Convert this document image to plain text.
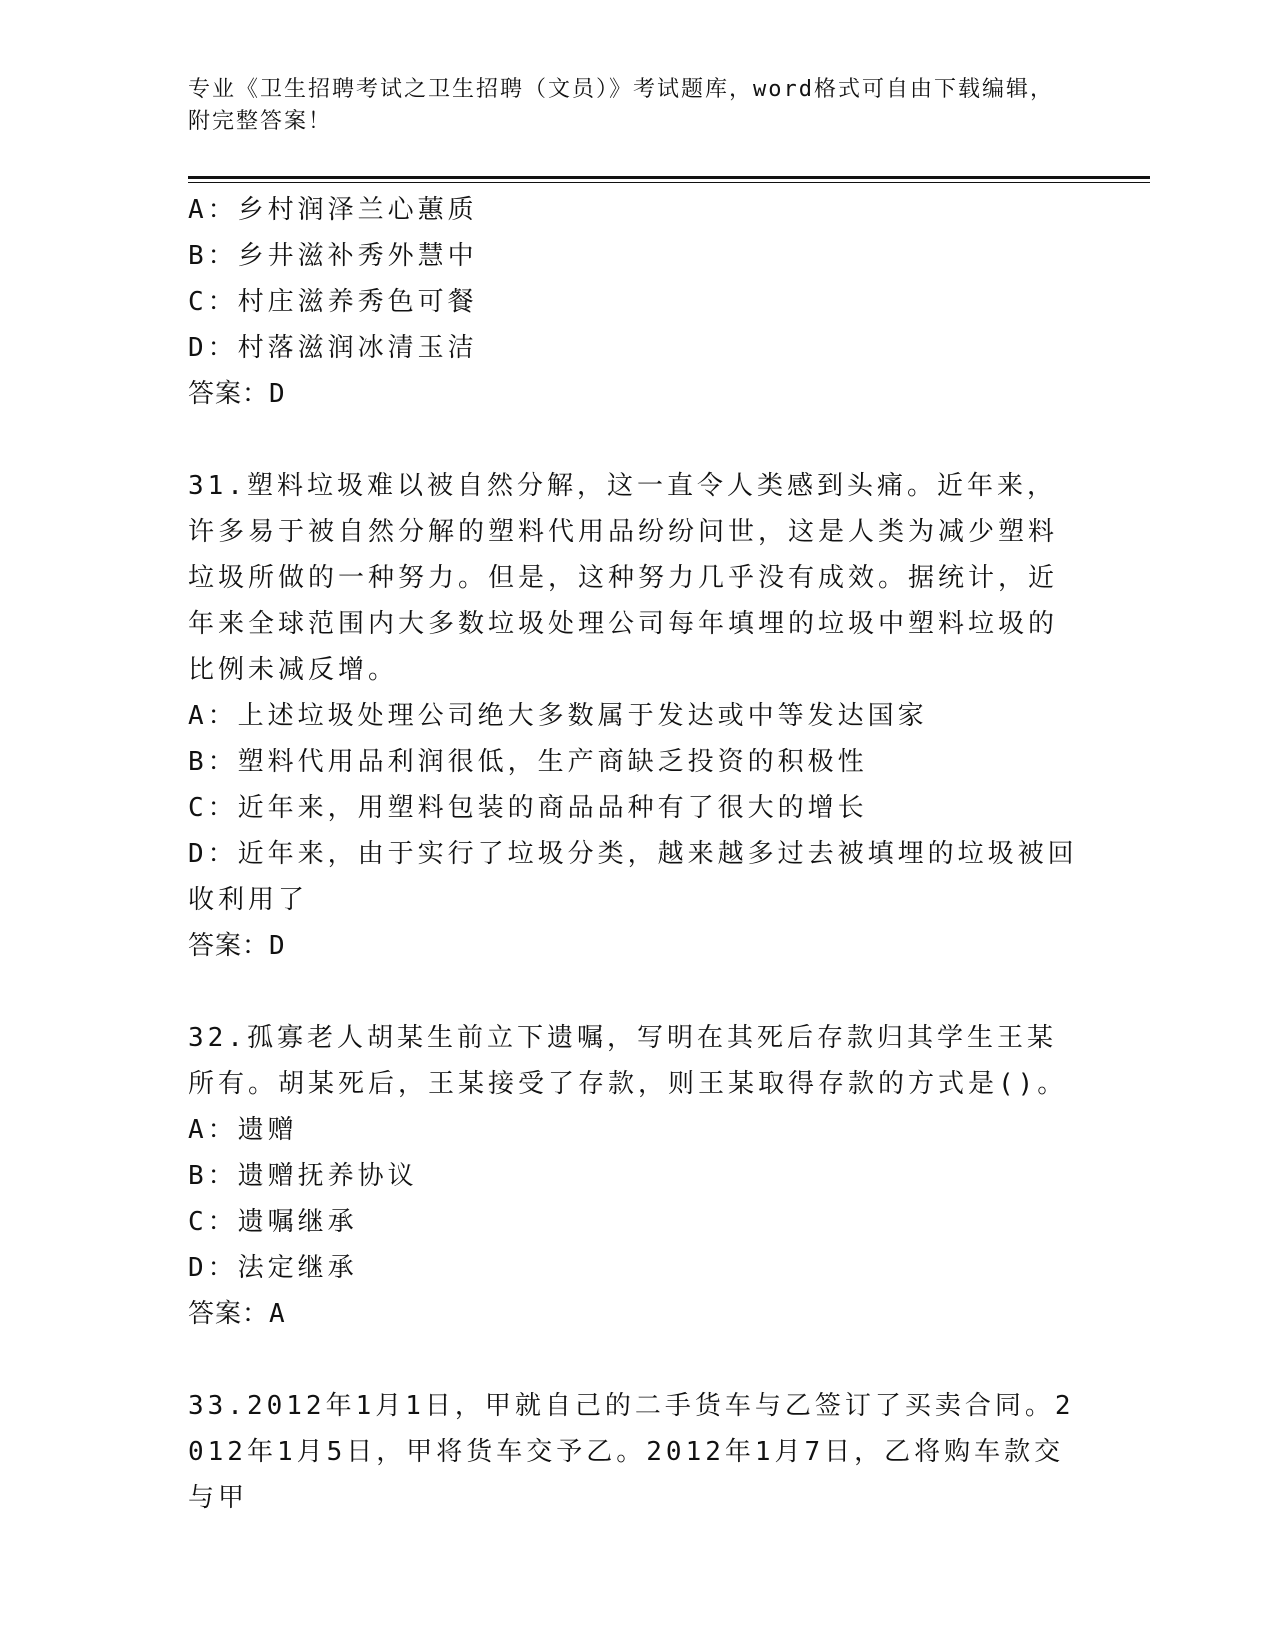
专业《卫生招聘考试之卫生招聘（文员）》考试题库，word格式可自由下载编辑，附完整答案！
A：乡村润泽兰心蕙质
B：乡井滋补秀外慧中
C：村庄滋养秀色可餐
D：村落滋润冰清玉洁
答案：D
31.塑料垃圾难以被自然分解，这一直令人类感到头痛。近年来，许多易于被自然分解的塑料代用品纷纷问世，这是人类为减少塑料垃圾所做的一种努力。但是，这种努力几乎没有成效。据统计，近年来全球范围内大多数垃圾处理公司每年填埋的垃圾中塑料垃圾的比例未减反增。
A：上述垃圾处理公司绝大多数属于发达或中等发达国家
B：塑料代用品利润很低，生产商缺乏投资的积极性
C：近年来，用塑料包装的商品品种有了很大的增长
D：近年来，由于实行了垃圾分类，越来越多过去被填埋的垃圾被回收利用了
答案：D
32.孤寡老人胡某生前立下遗嘱，写明在其死后存款归其学生王某所有。胡某死后，王某接受了存款，则王某取得存款的方式是()。
A：遗赠
B：遗赠抚养协议
C：遗嘱继承
D：法定继承
答案：A
33.2012年1月1日，甲就自己的二手货车与乙签订了买卖合同。2012年1月5日，甲将货车交予乙。2012年1月7日，乙将购车款交与甲
